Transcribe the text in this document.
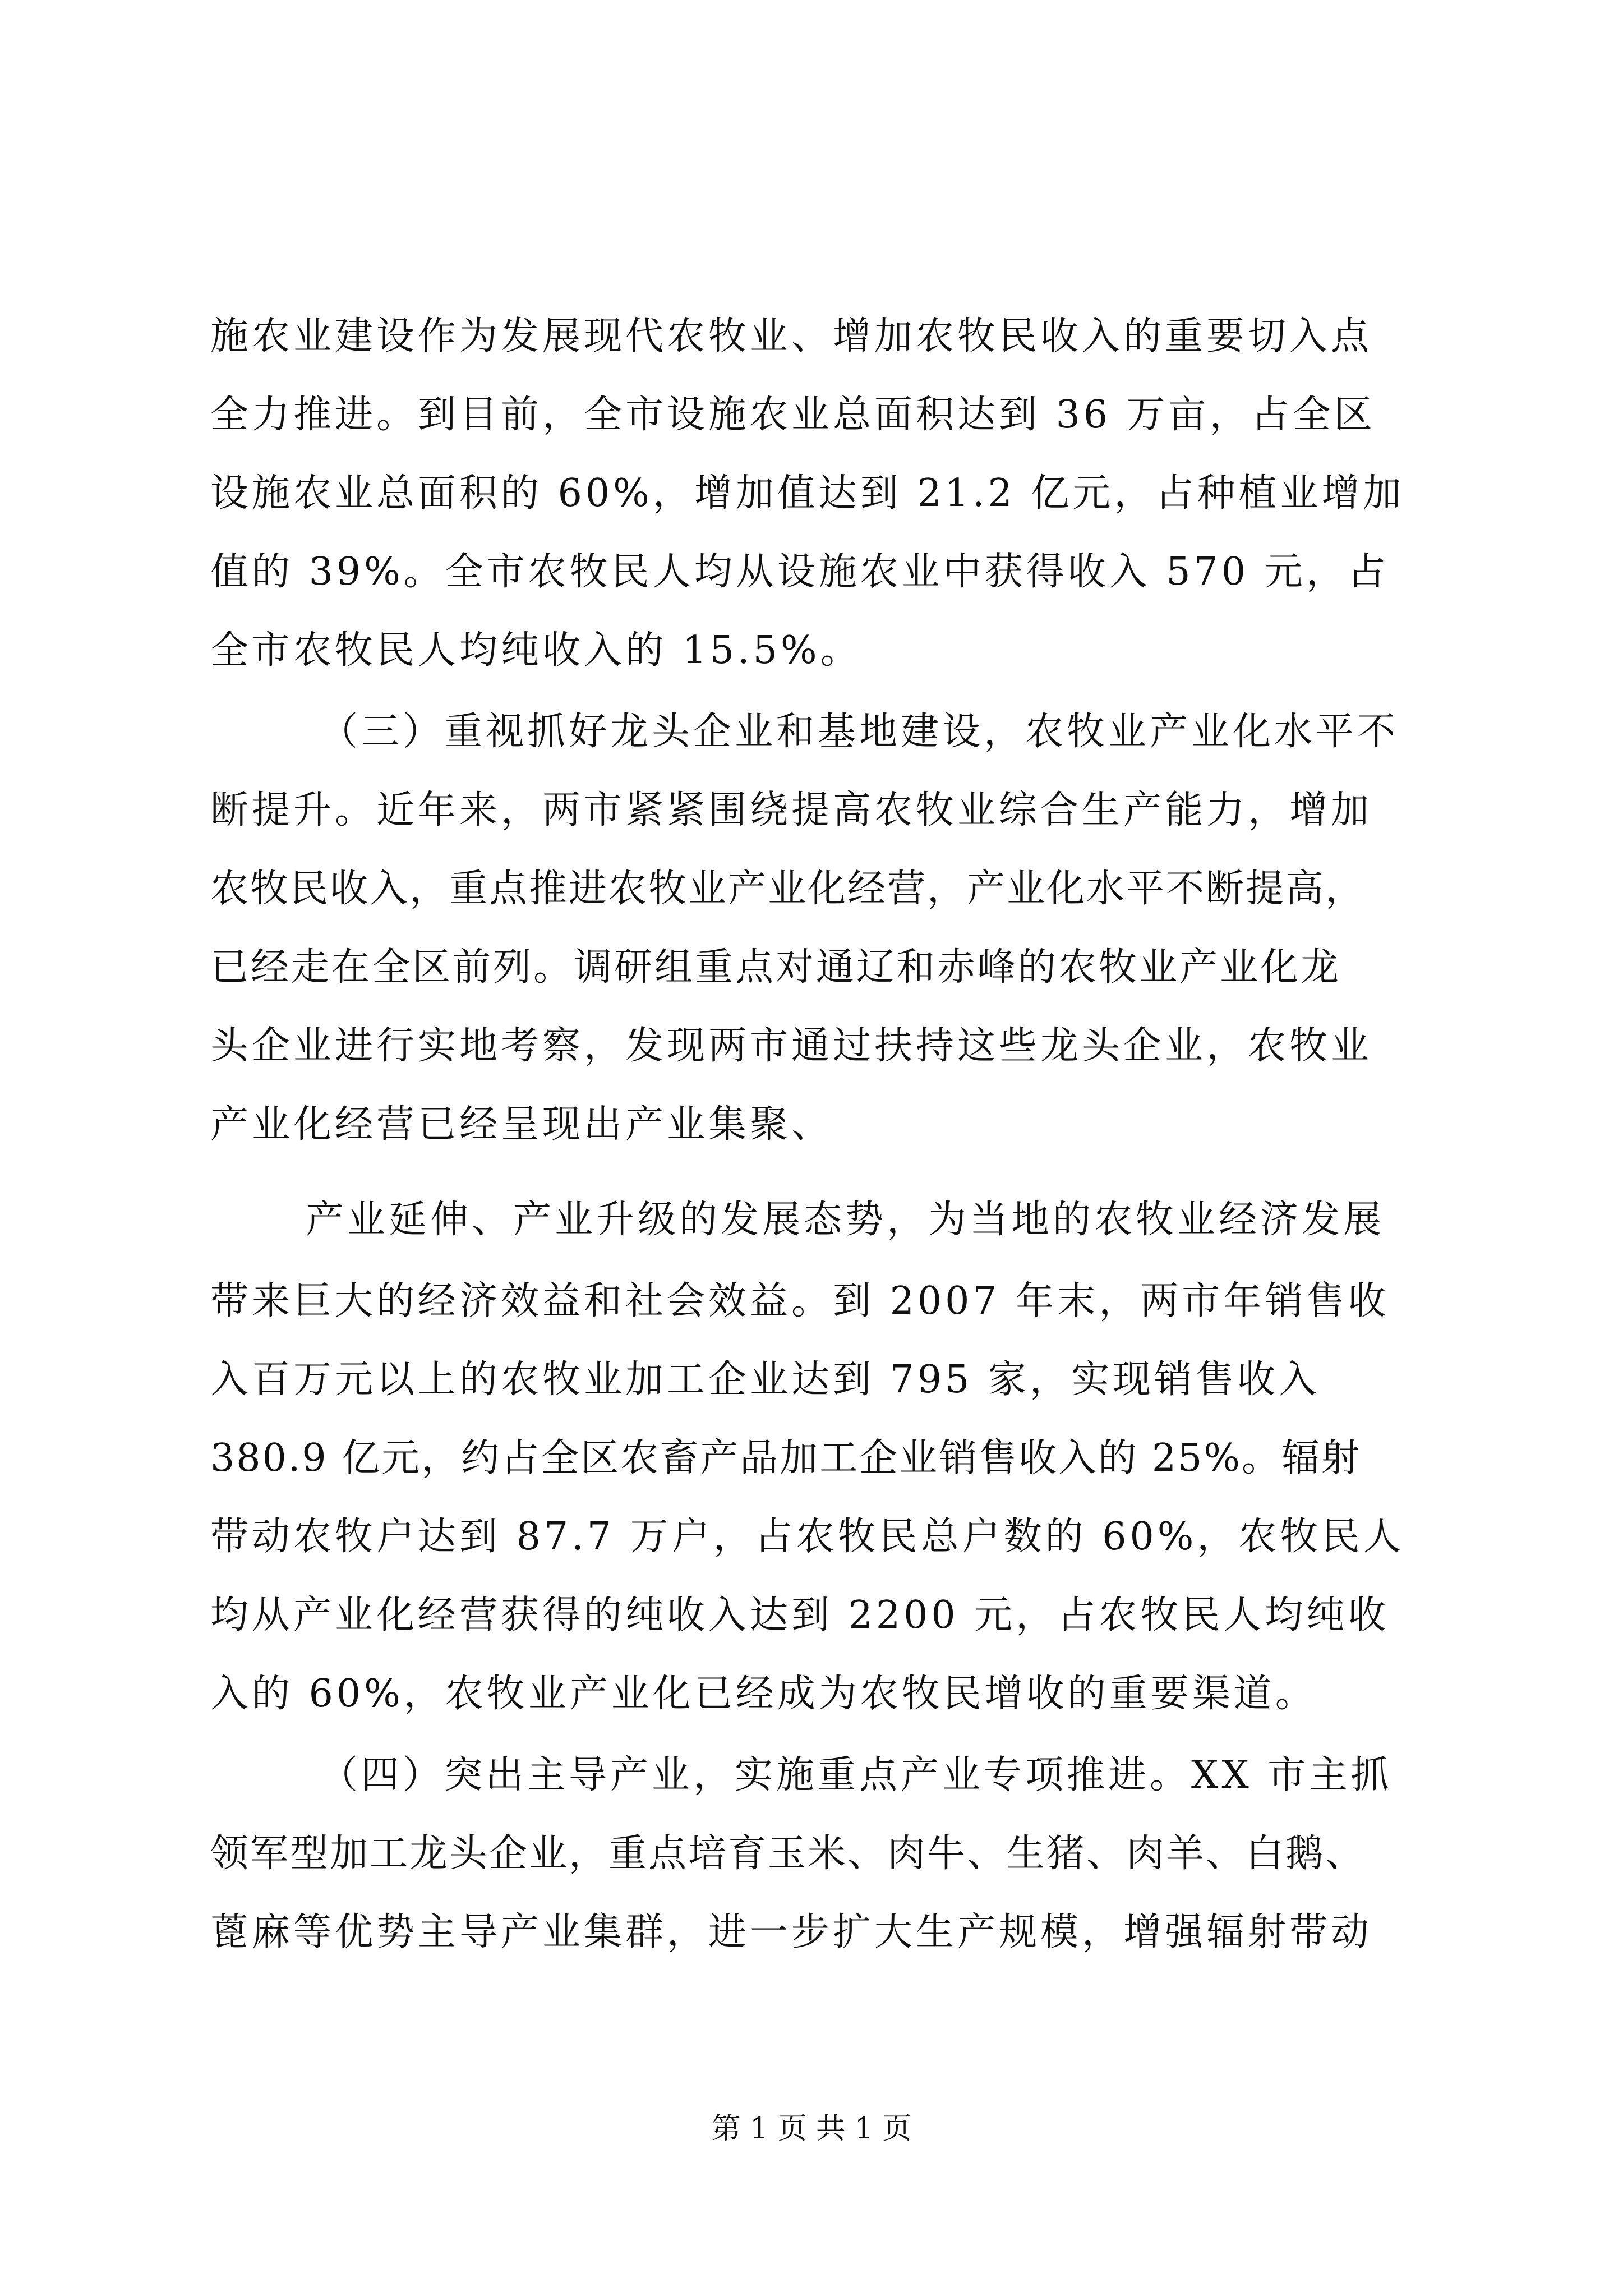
施农业建设作为发展现代农牧业、增加农牧民收入的重要切入点
全力推进。到目前，全市设施农业总面积达到 36 万亩，占全区
设施农业总面积的 60%，增加值达到 21.2 亿元，占种植业增加
值的 39%。全市农牧民人均从设施农业中获得收入 570 元，占
全市农牧民人均纯收入的 15.5%。
（三）重视抓好龙头企业和基地建设，农牧业产业化水平不
断提升。近年来，两市紧紧围绕提高农牧业综合生产能力，增加
农牧民收入，重点推进农牧业产业化经营，产业化水平不断提高，
已经走在全区前列。调研组重点对通辽和赤峰的农牧业产业化龙
头企业进行实地考察，发现两市通过扶持这些龙头企业，农牧业
产业化经营已经呈现出产业集聚、
产业延伸、产业升级的发展态势，为当地的农牧业经济发展
带来巨大的经济效益和社会效益。到 2007 年末，两市年销售收
入百万元以上的农牧业加工企业达到 795 家，实现销售收入
380.9 亿元，约占全区农畜产品加工企业销售收入的 25%。辐射
带动农牧户达到 87.7 万户，占农牧民总户数的 60%，农牧民人
均从产业化经营获得的纯收入达到 2200 元，占农牧民人均纯收
入的 60%，农牧业产业化已经成为农牧民增收的重要渠道。
（四）突出主导产业，实施重点产业专项推进。XX 市主抓
领军型加工龙头企业，重点培育玉米、肉牛、生猪、肉羊、白鹅、
蓖麻等优势主导产业集群，进一步扩大生产规模，增强辐射带动
第 1 页 共 1 页
